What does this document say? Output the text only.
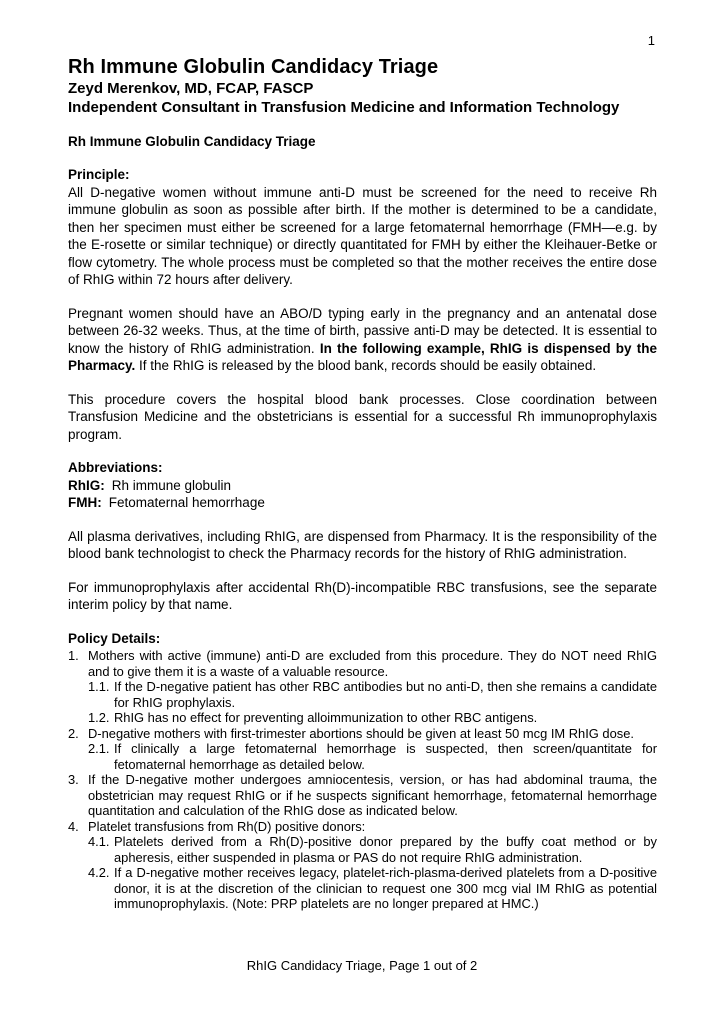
1
Rh Immune Globulin Candidacy Triage
Zeyd Merenkov, MD, FCAP, FASCP
Independent Consultant in Transfusion Medicine and Information Technology
Rh Immune Globulin Candidacy Triage
Principle:

All D-negative women without immune anti-D must be screened for the need to receive Rh immune globulin as soon as possible after birth. If the mother is determined to be a candidate, then her specimen must either be screened for a large fetomaternal hemorrhage (FMH—e.g. by the E-rosette or similar technique) or directly quantitated for FMH by either the Kleihauer-Betke or flow cytometry. The whole process must be completed so that the mother receives the entire dose of RhIG within 72 hours after delivery.

Pregnant women should have an ABO/D typing early in the pregnancy and an antenatal dose between 26-32 weeks. Thus, at the time of birth, passive anti-D may be detected. It is essential to know the history of RhIG administration. In the following example, RhIG is dispensed by the Pharmacy. If the RhIG is released by the blood bank, records should be easily obtained.

This procedure covers the hospital blood bank processes. Close coordination between Transfusion Medicine and the obstetricians is essential for a successful Rh immunoprophylaxis program.

Abbreviations:
RhIG: Rh immune globulin
FMH: Fetomaternal hemorrhage

All plasma derivatives, including RhIG, are dispensed from Pharmacy. It is the responsibility of the blood bank technologist to check the Pharmacy records for the history of RhIG administration.

For immunoprophylaxis after accidental Rh(D)-incompatible RBC transfusions, see the separate interim policy by that name.

Policy Details:
1. Mothers with active (immune) anti-D are excluded from this procedure. They do NOT need RhIG and to give them it is a waste of a valuable resource.
1.1. If the D-negative patient has other RBC antibodies but no anti-D, then she remains a candidate for RhIG prophylaxis.
1.2. RhIG has no effect for preventing alloimmunization to other RBC antigens.
2. D-negative mothers with first-trimester abortions should be given at least 50 mcg IM RhIG dose.
2.1. If clinically a large fetomaternal hemorrhage is suspected, then screen/quantitate for fetomaternal hemorrhage as detailed below.
3. If the D-negative mother undergoes amniocentesis, version, or has had abdominal trauma, the obstetrician may request RhIG or if he suspects significant hemorrhage, fetomaternal hemorrhage quantitation and calculation of the RhIG dose as indicated below.
4. Platelet transfusions from Rh(D) positive donors:
4.1. Platelets derived from a Rh(D)-positive donor prepared by the buffy coat method or by apheresis, either suspended in plasma or PAS do not require RhIG administration.
4.2. If a D-negative mother receives legacy, platelet-rich-plasma-derived platelets from a D-positive donor, it is at the discretion of the clinician to request one 300 mcg vial IM RhIG as potential immunoprophylaxis. (Note: PRP platelets are no longer prepared at HMC.)
RhIG Candidacy Triage, Page 1 out of 2
